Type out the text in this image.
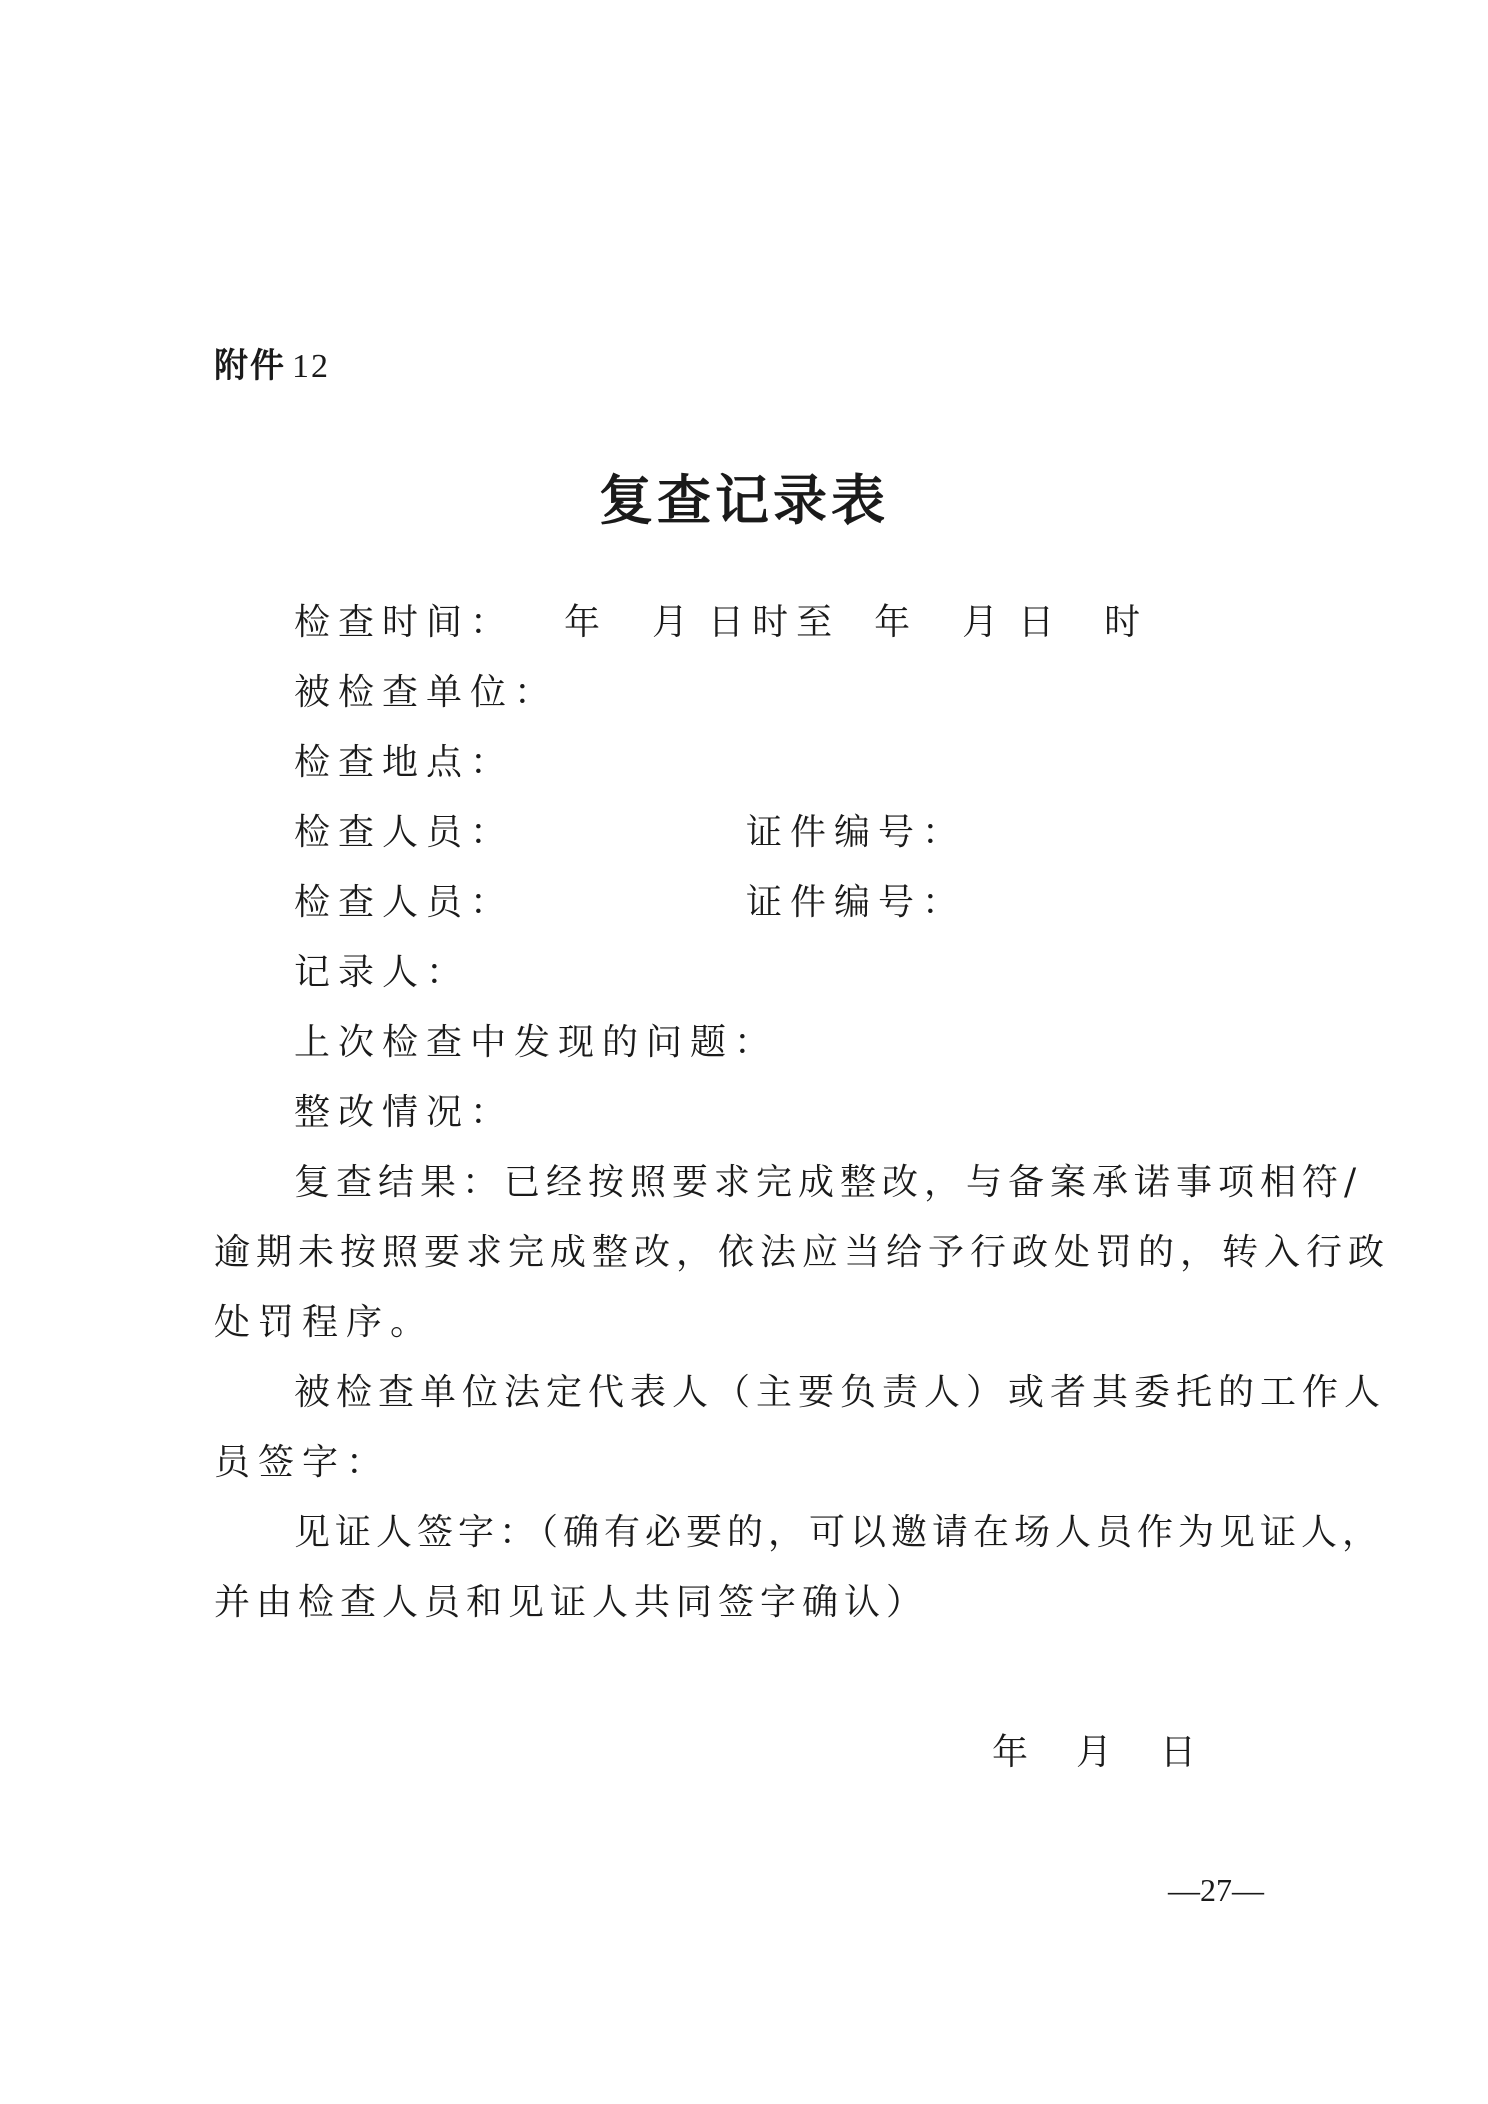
附件 12
复查记录表
检查时间： 年 月 日时至 年 月 日 时
被检查单位：
检查地点：
检查人员：	证件编号：
检查人员：	证件编号：
记录人：
上次检查中发现的问题：
整改情况：
复查结果：已经按照要求完成整改，与备案承诺事项相符/
逾期未按照要求完成整改，依法应当给予行政处罚的，转入行政
处罚程序。
被检查单位法定代表人（主要负责人）或者其委托的工作人
员签字：
见证人签字：（确有必要的，可以邀请在场人员作为见证人，
并由检查人员和见证人共同签字确认）
年 月 日
—27—
